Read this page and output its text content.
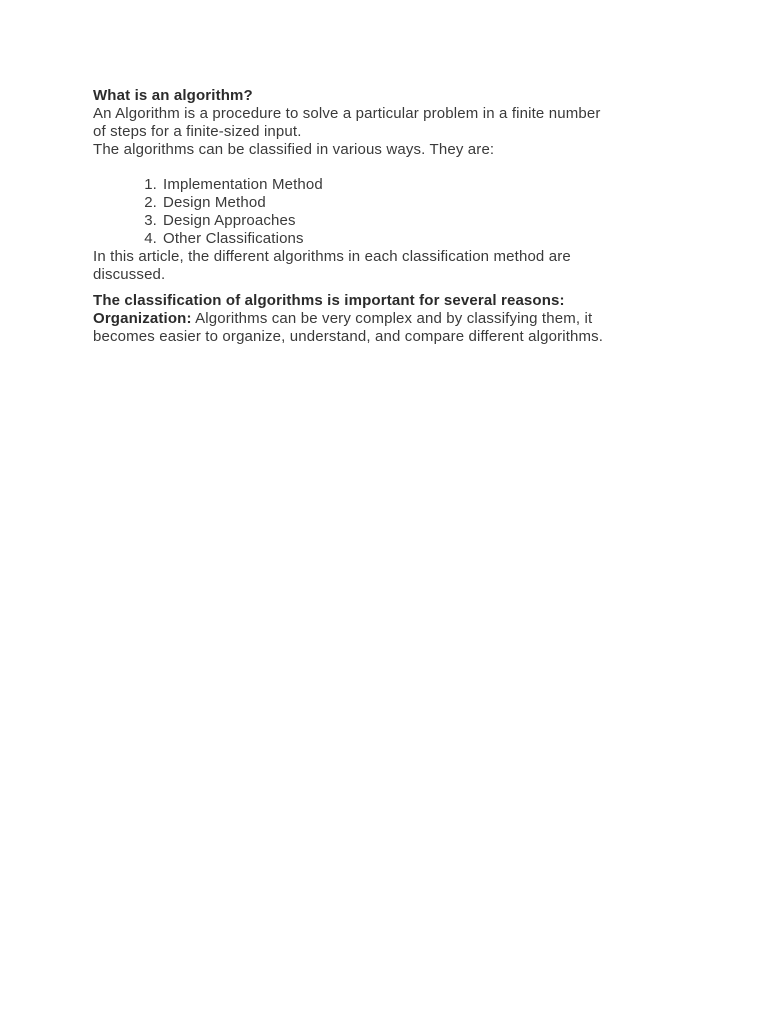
What is an algorithm?

An Algorithm is a procedure to solve a particular problem in a finite number

of steps for a finite-sized input.

The algorithms can be classified in various ways. They are:

1. Implementation Method
2. Design Method
3. Design Approaches
4. Other Classifications

In this article, the different algorithms in each classification method are

discussed.

The classification of algorithms is important for several reasons:

Organization: Algorithms can be very complex and by classifying them, it

becomes easier to organize, understand, and compare different algorithms.
